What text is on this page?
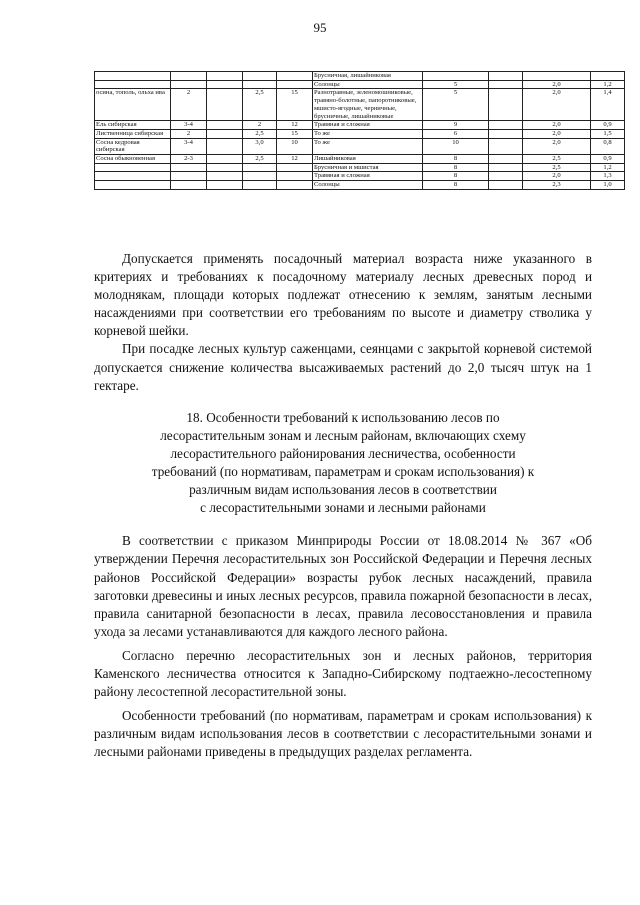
95
					Брусничная, лишайниковая				
					Солонцы	5		2,0	1,2
осина, тополь, ольха ива	2		2,5	15	Разнотравные, зеленомошниковые, травяно-болотные, папоротниковые, мшисто-ягодные, черничные, брусничные, лишайниковые	5		2,0	1,4
Ель сибирская	3-4		2	12	Травяная и сложная	9		2,0	0,9
Лиственница сибирская	2		2,5	15	То же	6		2,0	1,5
Сосна кедровая сибирская	3-4		3,0	10	То же	10		2,0	0,8
Сосна обыкновенная	2-3		2,5	12	Лишайниковая	8		2,5	0,9
					Брусничная и мшистая	8		2,5	1,2
					Травяная и сложная	8		2,0	1,3
					Солонцы	8		2,3	1,0

Допускается применять посадочный материал возраста ниже указанного в критериях и требованиях к посадочному материалу лесных древесных пород и молоднякам, площади которых подлежат отнесению к землям, занятым лесными насаждениями при соответствии его требованиям по высоте и диаметру стволика у корневой шейки.

При посадке лесных культур саженцами, сеянцами с закрытой корневой системой допускается снижение количества высаживаемых растений до 2,0 тысяч штук на 1 гектаре.

18. Особенности требований к использованию лесов по
лесорастительным зонам и лесным районам, включающих схему
лесорастительного районирования лесничества, особенности
требований (по нормативам, параметрам и срокам использования) к
различным видам использования лесов в соответствии
с лесорастительными зонами и лесными районами

В соответствии с приказом Минприроды России от 18.08.2014 № 367 «Об утверждении Перечня лесорастительных зон Российской Федерации и Перечня лесных районов Российской Федерации» возрасты рубок лесных насаждений, правила заготовки древесины и иных лесных ресурсов, правила пожарной безопасности в лесах, правила санитарной безопасности в лесах, правила лесовосстановления и правила ухода за лесами устанавливаются для каждого лесного района.

Согласно перечню лесорастительных зон и лесных районов, территория Каменского лесничества относится к Западно-Сибирскому подтаежно-лесостепному району лесостепной лесорастительной зоны.

Особенности требований (по нормативам, параметрам и срокам использования) к различным видам использования лесов в соответствии с лесорастительными зонами и лесными районами приведены в предыдущих разделах регламента.
